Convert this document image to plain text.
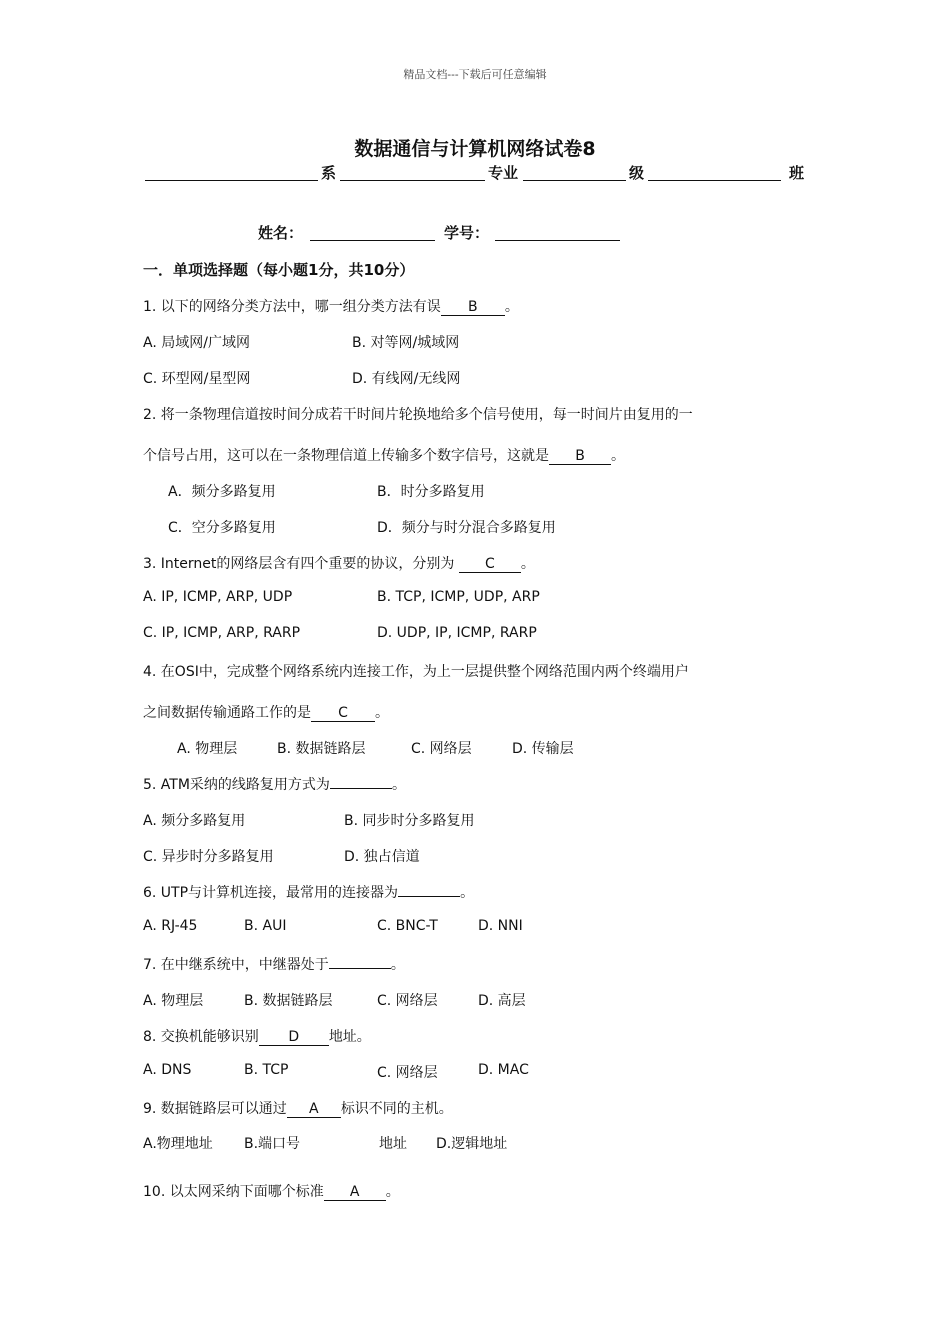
精品文档---下载后可任意编辑
数据通信与计算机网络试卷8
系	专业	级	班
姓名：	学号：
一．单项选择题（每小题1分，共10分）
1. 以下的网络分类方法中，哪一组分类方法有误 B 。
A. 局域网/广域网	B. 对等网/城域网
C. 环型网/星型网	D. 有线网/无线网
2. 将一条物理信道按时间分成若干时间片轮换地给多个信号使用，每一时间片由复用的一
个信号占用，这可以在一条物理信道上传输多个数字信号，这就是 B 。
A．频分多路复用	B．时分多路复用
C．空分多路复用	D．频分与时分混合多路复用
3. Internet的网络层含有四个重要的协议，分别为 C 。
A. IP, ICMP, ARP, UDP	B. TCP, ICMP, UDP, ARP
C. IP, ICMP, ARP, RARP	D. UDP, IP, ICMP, RARP
4. 在OSI中，完成整个网络系统内连接工作，为上一层提供整个网络范围内两个终端用户
之间数据传输通路工作的是 C 。
A. 物理层	B. 数据链路层	C. 网络层	D. 传输层
5. ATM采纳的线路复用方式为	。
A. 频分多路复用	B. 同步时分多路复用
C. 异步时分多路复用	D. 独占信道
6. UTP与计算机连接，最常用的连接器为	。
A. RJ-45	B. AUI	C. BNC-T	D. NNI
7. 在中继系统中，中继器处于	。
A. 物理层	B. 数据链路层	C. 网络层	D. 高层
8. 交换机能够识别 D 地址。
A. DNS	B. TCP	C. 网络层	D. MAC
9. 数据链路层可以通过 A 标识不同的主机。
A.物理地址 B.端口号	地址 D.逻辑地址
10. 以太网采纳下面哪个标准 A 。
